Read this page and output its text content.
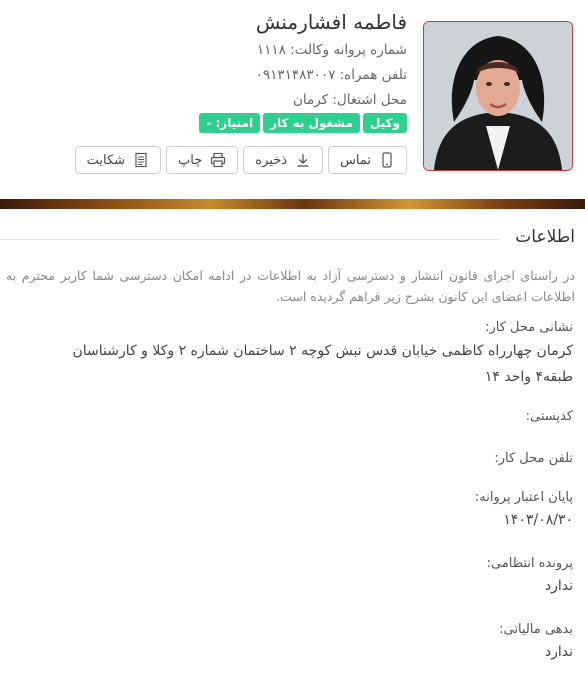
فاطمه افشارمنش
شماره پروانه وکالت: ۱۱۱۸
تلفن همراه: ۰۹۱۳۱۴۸۳۰۰۷
محل اشتغال: کرمان
وکیل
مشغول به کار
امتیاز: -
تماس
ذخیره
چاپ
شکایت
اطلاعات

در راستای اجرای قانون انتشار و دسترسی آزاد به اطلاعات در ادامه امکان دسترسی شما کاربر محترم به اطلاعات اعضای این کانون بشرح زیر فراهم گردیده است.

نشانی محل کار:
کرمان چهارراه کاظمی خیابان قدس نبش کوچه ۲ ساختمان شماره ۲ وکلا و کارشناسان طبقه۴ واحد ۱۴
کدپستی:
تلفن محل کار:
پایان اعتبار پروانه:
۱۴۰۳/۰۸/۳۰
پرونده انتظامی:
ندارد
بدهی مالیاتی:
ندارد
